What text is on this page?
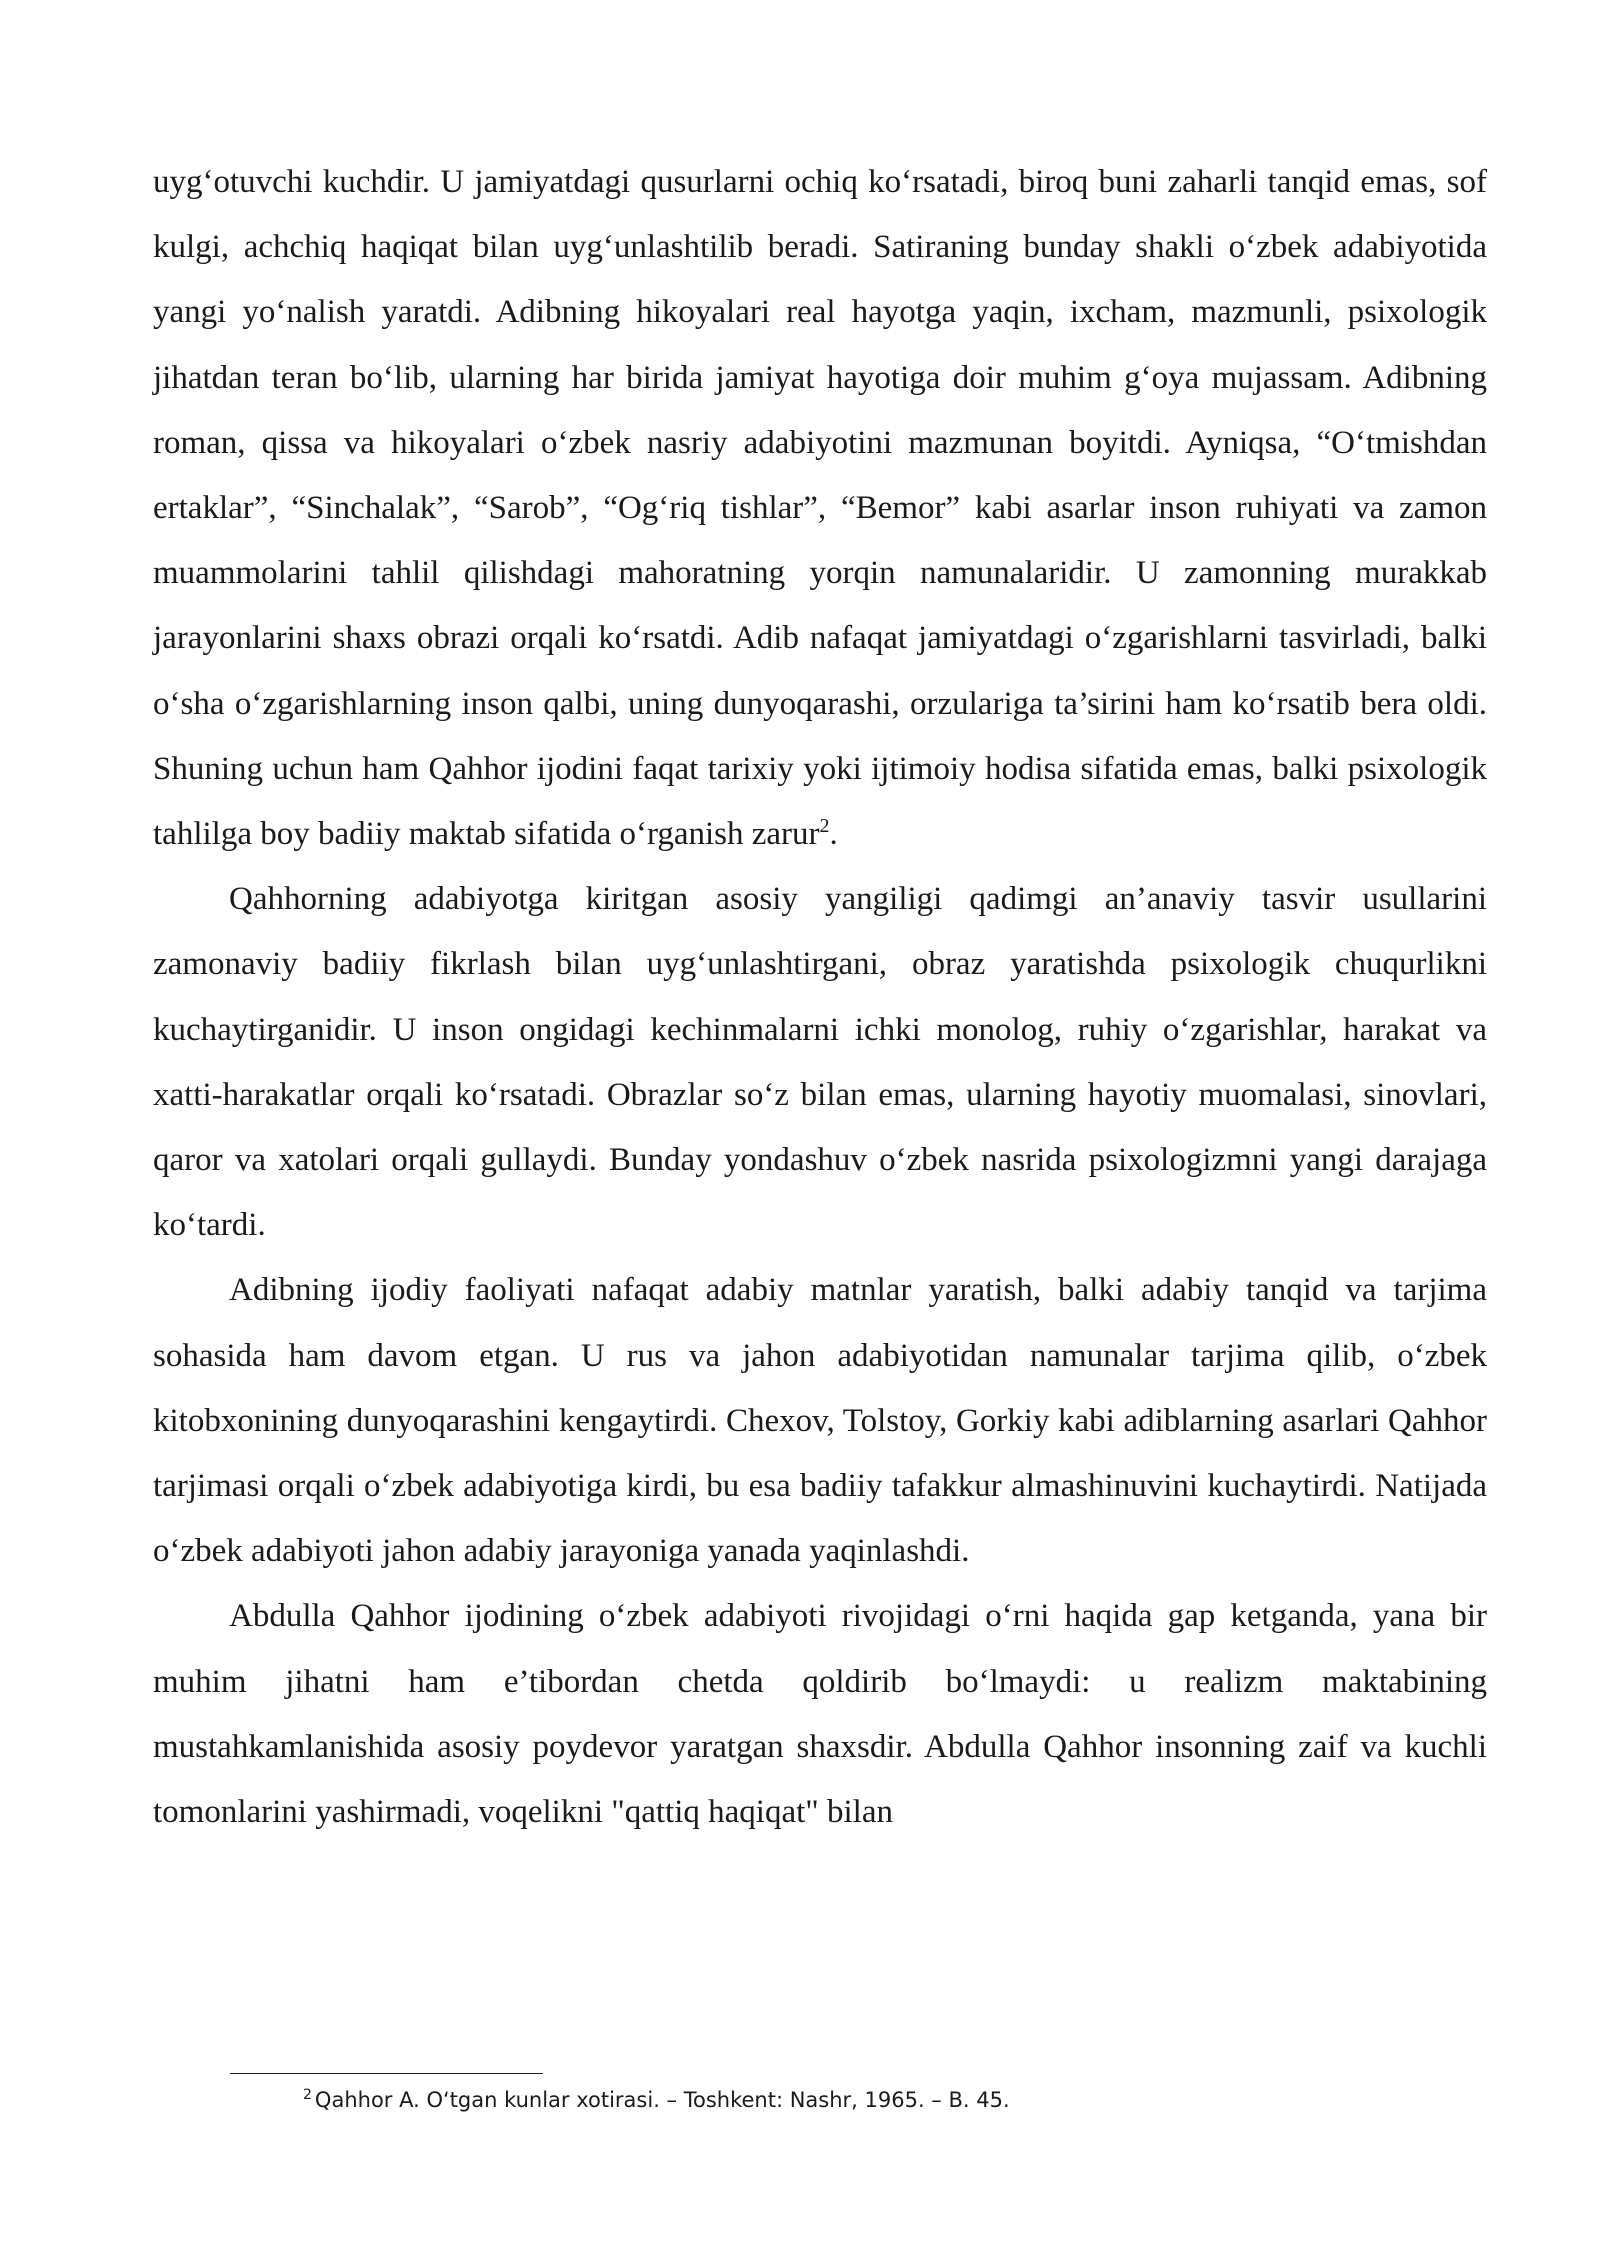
uyg‘otuvchi kuchdir. U jamiyatdagi qusurlarni ochiq ko‘rsatadi, biroq buni zaharli tanqid emas, sof kulgi, achchiq haqiqat bilan uyg‘unlashtilib beradi. Satiraning bunday shakli o‘zbek adabiyotida yangi yo‘nalish yaratdi. Adibning hikoyalari real hayotga yaqin, ixcham, mazmunli, psixologik jihatdan teran bo‘lib, ularning har birida jamiyat hayotiga doir muhim g‘oya mujassam. Adibning roman, qissa va hikoyalari o‘zbek nasriy adabiyotini mazmunan boyitdi. Ayniqsa, “O‘tmishdan ertaklar”, “Sinchalak”, “Sarob”, “Og‘riq tishlar”, “Bemor” kabi asarlar inson ruhiyati va zamon muammolarini tahlil qilishdagi mahoratning yorqin namunalaridir. U zamonning murakkab jarayonlarini shaxs obrazi orqali ko‘rsatdi. Adib nafaqat jamiyatdagi o‘zgarishlarni tasvirladi, balki o‘sha o‘zgarishlarning inson qalbi, uning dunyoqarashi, orzulariga ta’sirini ham ko‘rsatib bera oldi. Shuning uchun ham Qahhor ijodini faqat tarixiy yoki ijtimoiy hodisa sifatida emas, balki psixologik tahlilga boy badiiy maktab sifatida o‘rganish zarur$^2$.

Qahhorning adabiyotga kiritgan asosiy yangiligi qadimgi an’anaviy tasvir usullarini zamonaviy badiiy fikrlash bilan uyg‘unlashtirgani, obraz yaratishda psixologik chuqurlikni kuchaytirganidir. U inson ongidagi kechinmalarni ichki monolog, ruhiy o‘zgarishlar, harakat va xatti-harakatlar orqali ko‘rsatadi. Obrazlar so‘z bilan emas, ularning hayotiy muomalasi, sinovlari, qaror va xatolari orqali gullaydi. Bunday yondashuv o‘zbek nasrida psixologizmni yangi darajaga ko‘tardi.

Adibning ijodiy faoliyati nafaqat adabiy matnlar yaratish, balki adabiy tanqid va tarjima sohasida ham davom etgan. U rus va jahon adabiyotidan namunalar tarjima qilib, o‘zbek kitobxonining dunyoqarashini kengaytirdi. Chexov, Tolstoy, Gorkiy kabi adiblarning asarlari Qahhor tarjimasi orqali o‘zbek adabiyotiga kirdi, bu esa badiiy tafakkur almashinuvini kuchaytirdi. Natijada o‘zbek adabiyoti jahon adabiy jarayoniga yanada yaqinlashdi.

Abdulla Qahhor ijodining o‘zbek adabiyoti rivojidagi o‘rni haqida gap ketganda, yana bir muhim jihatni ham e’tibordan chetda qoldirib bo‘lmaydi: u realizm maktabining mustahkamlanishida asosiy poydevor yaratgan shaxsdir. Abdulla Qahhor insonning zaif va kuchli tomonlarini yashirmadi, voqelikni "qattiq haqiqat" bilan

$^2$ Qahhor A. O‘tgan kunlar xotirasi. – Toshkent: Nashr, 1965. – B. 45.
